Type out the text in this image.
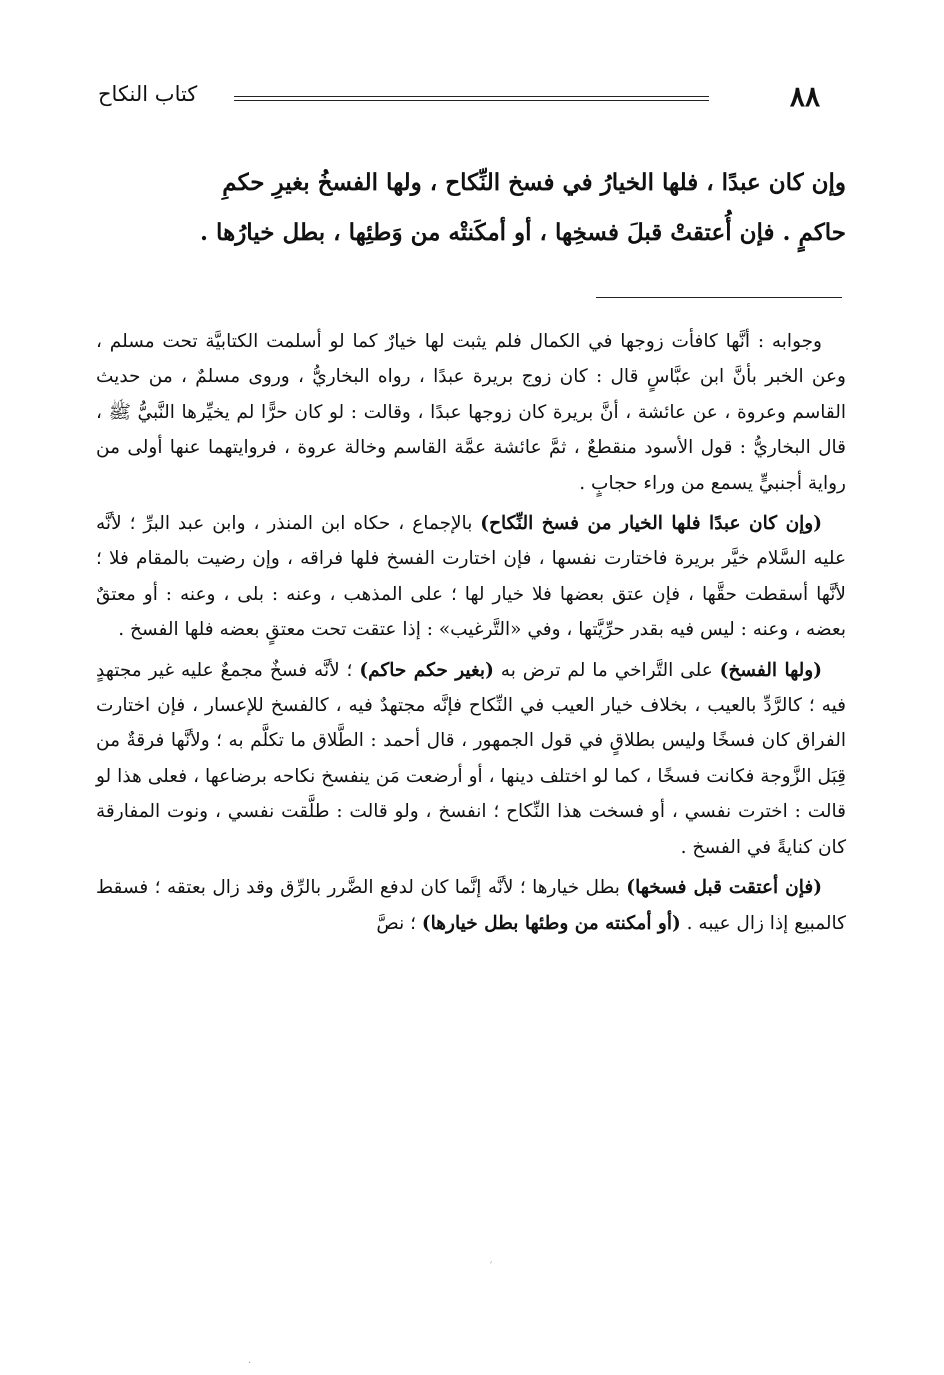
٨٨
كتاب النكاح

وإن كان عبدًا ، فلها الخيارُ في فسخ النِّكاح ، ولها الفسخُ بغيرِ حكمِ

حاكمٍ . فإن أُعتقتْ قبلَ فسخِها ، أو أمكَنتْه من وَطئِها ، بطل خيارُها .

وجوابه : أنَّها كافأت زوجها في الكمال فلم يثبت لها خيارٌ كما لو أسلمت الكتابيَّة تحت مسلم ، وعن الخبر بأنَّ ابن عبَّاسٍ قال : كان زوج بريرة عبدًا ، رواه البخاريُّ ، وروى مسلمٌ ، من حديث القاسم وعروة ، عن عائشة ، أنَّ بريرة كان زوجها عبدًا ، وقالت : لو كان حرًّا لم يخيِّرها النَّبيُّ ﷺ ، قال البخاريُّ : قول الأسود منقطعٌ ، ثمَّ عائشة عمَّة القاسم وخالة عروة ، فروايتهما عنها أولى من رواية أجنبيٍّ يسمع من وراء حجابٍ .

(وإن كان عبدًا فلها الخيار من فسخ النِّكاح) بالإجماع ، حكاه ابن المنذر ، وابن عبد البرِّ ؛ لأنَّه عليه السَّلام خيَّر بريرة فاختارت نفسها ، فإن اختارت الفسخ فلها فراقه ، وإن رضيت بالمقام فلا ؛ لأنَّها أسقطت حقَّها ، فإن عتق بعضها فلا خيار لها ؛ على المذهب ، وعنه : بلى ، وعنه : أو معتقٌ بعضه ، وعنه : ليس فيه بقدر حرِّيَّتها ، وفي «التَّرغيب» : إذا عتقت تحت معتقٍ بعضه فلها الفسخ .

(ولها الفسخ) على التَّراخي ما لم ترض به (بغير حكم حاكم) ؛ لأنَّه فسخٌ مجمعٌ عليه غير مجتهدٍ فيه ؛ كالرَّدِّ بالعيب ، بخلاف خيار العيب في النِّكاح فإنَّه مجتهدٌ فيه ، كالفسخ للإعسار ، فإن اختارت الفراق كان فسخًا وليس بطلاقٍ في قول الجمهور ، قال أحمد : الطَّلاق ما تكلَّم به ؛ ولأنَّها فرقةٌ من قِبَل الزَّوجة فكانت فسخًا ، كما لو اختلف دينها ، أو أرضعت مَن ينفسخ نكاحه برضاعها ، فعلى هذا لو قالت : اخترت نفسي ، أو فسخت هذا النِّكاح ؛ انفسخ ، ولو قالت : طلَّقت نفسي ، ونوت المفارقة كان كنايةً في الفسخ .

(فإن أعتقت قبل فسخها) بطل خيارها ؛ لأنَّه إنَّما كان لدفع الضَّرر بالرِّق وقد زال بعتقه ؛ فسقط كالمبيع إذا زال عيبه . (أو أمكنته من وطئها بطل خيارها) ؛ نصَّ

ˊ
·
